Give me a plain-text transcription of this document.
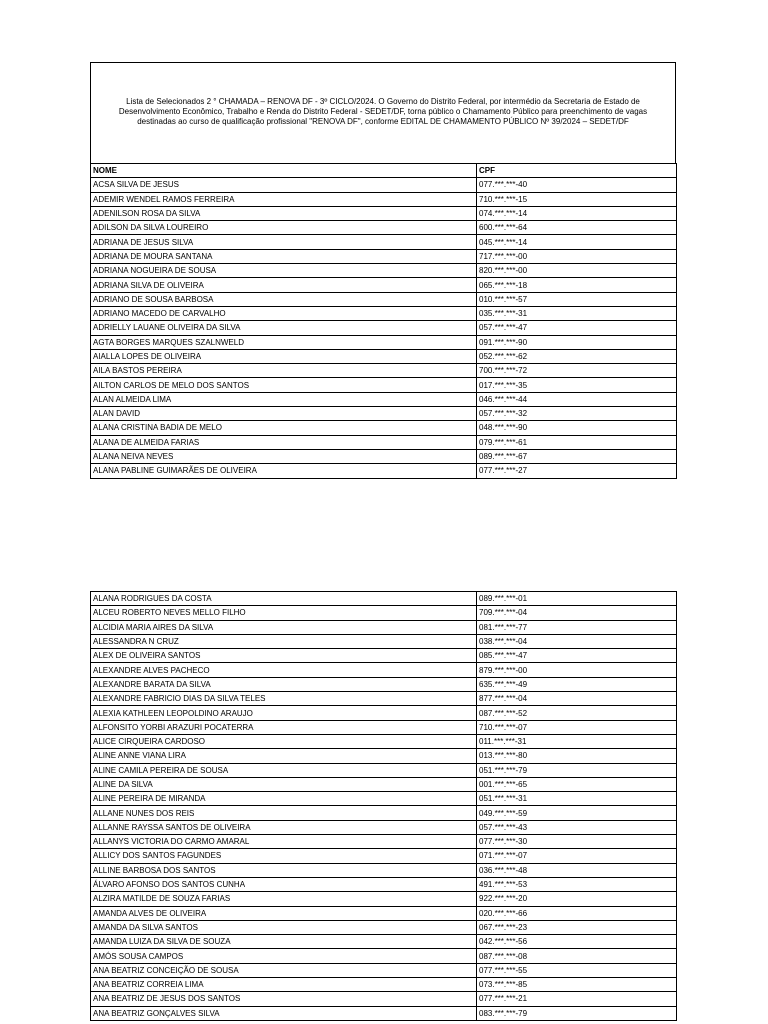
Lista de Selecionados 2 ° CHAMADA – RENOVA DF - 3º CICLO/2024. O Governo do Distrito Federal, por intermédio da Secretaria de Estado de Desenvolvimento Econômico, Trabalho e Renda do Distrito Federal - SEDET/DF, torna público o Chamamento Público para preenchimento de vagas destinadas ao curso de qualificação profissional "RENOVA DF", conforme EDITAL DE CHAMAMENTO PÚBLICO Nº 39/2024 – SEDET/DF
NOME	CPF
ACSA SILVA DE JESUS	077.***.***-40
ADEMIR WENDEL RAMOS FERREIRA	710.***.***-15
ADENILSON ROSA DA SILVA	074.***.***-14
ADILSON DA SILVA LOUREIRO	600.***.***-64
ADRIANA DE JESUS SILVA	045.***.***-14
ADRIANA DE MOURA SANTANA	717.***.***-00
ADRIANA NOGUEIRA DE SOUSA	820.***.***-00
ADRIANA SILVA DE OLIVEIRA	065.***.***-18
ADRIANO DE SOUSA BARBOSA	010.***.***-57
ADRIANO MACEDO DE CARVALHO	035.***.***-31
ADRIELLY LAUANE OLIVEIRA DA SILVA	057.***.***-47
AGTA BORGES MARQUES SZALNWELD	091.***.***-90
AIALLA LOPES DE OLIVEIRA	052.***.***-62
AILA BASTOS PEREIRA	700.***.***-72
AILTON CARLOS DE MELO DOS SANTOS	017.***.***-35
ALAN ALMEIDA LIMA	046.***.***-44
ALAN DAVID	057.***.***-32
ALANA CRISTINA BADIA DE MELO	048.***.***-90
ALANA DE ALMEIDA FARIAS	079.***.***-61
ALANA NEIVA NEVES	089.***.***-67
ALANA PABLINE GUIMARÃES DE OLIVEIRA	077.***.***-27
ALANA RODRIGUES DA COSTA	089.***.***-01
ALCEU ROBERTO NEVES MELLO FILHO	709.***.***-04
ALCIDIA MARIA AIRES DA SILVA	081.***.***-77
ALESSANDRA N CRUZ	038.***.***-04
ALEX DE OLIVEIRA SANTOS	085.***.***-47
ALEXANDRE ALVES PACHECO	879.***.***-00
ALEXANDRE BARATA DA SILVA	635.***.***-49
ALEXANDRE FABRICIO DIAS DA SILVA TELES	877.***.***-04
ALEXIA KATHLEEN LEOPOLDINO ARAUJO	087.***.***-52
ALFONSITO YORBI ARAZURI POCATERRA	710.***.***-07
ALICE CIRQUEIRA CARDOSO	011.***.***-31
ALINE ANNE VIANA LIRA	013.***.***-80
ALINE CAMILA PEREIRA DE SOUSA	051.***.***-79
ALINE DA SILVA	001.***.***-65
ALINE PEREIRA DE MIRANDA	051.***.***-31
ALLANE NUNES DOS REIS	049.***.***-59
ALLANNE RAYSSA SANTOS DE OLIVEIRA	057.***.***-43
ALLANYS VICTORIA DO CARMO AMARAL	077.***.***-30
ALLICY DOS SANTOS FAGUNDES	071.***.***-07
ALLINE BARBOSA DOS SANTOS	036.***.***-48
ÁLVARO AFONSO DOS SANTOS CUNHA	491.***.***-53
ALZIRA MATILDE DE SOUZA FARIAS	922.***.***-20
AMANDA ALVES DE OLIVEIRA	020.***.***-66
AMANDA DA SILVA SANTOS	067.***.***-23
AMANDA LUIZA DA SILVA DE SOUZA	042.***.***-56
AMÓS SOUSA CAMPOS	087.***.***-08
ANA BEATRIZ CONCEIÇÃO DE SOUSA	077.***.***-55
ANA BEATRIZ CORREIA LIMA	073.***.***-85
ANA BEATRIZ DE JESUS DOS SANTOS	077.***.***-21
ANA BEATRIZ GONÇALVES SILVA	083.***.***-79
